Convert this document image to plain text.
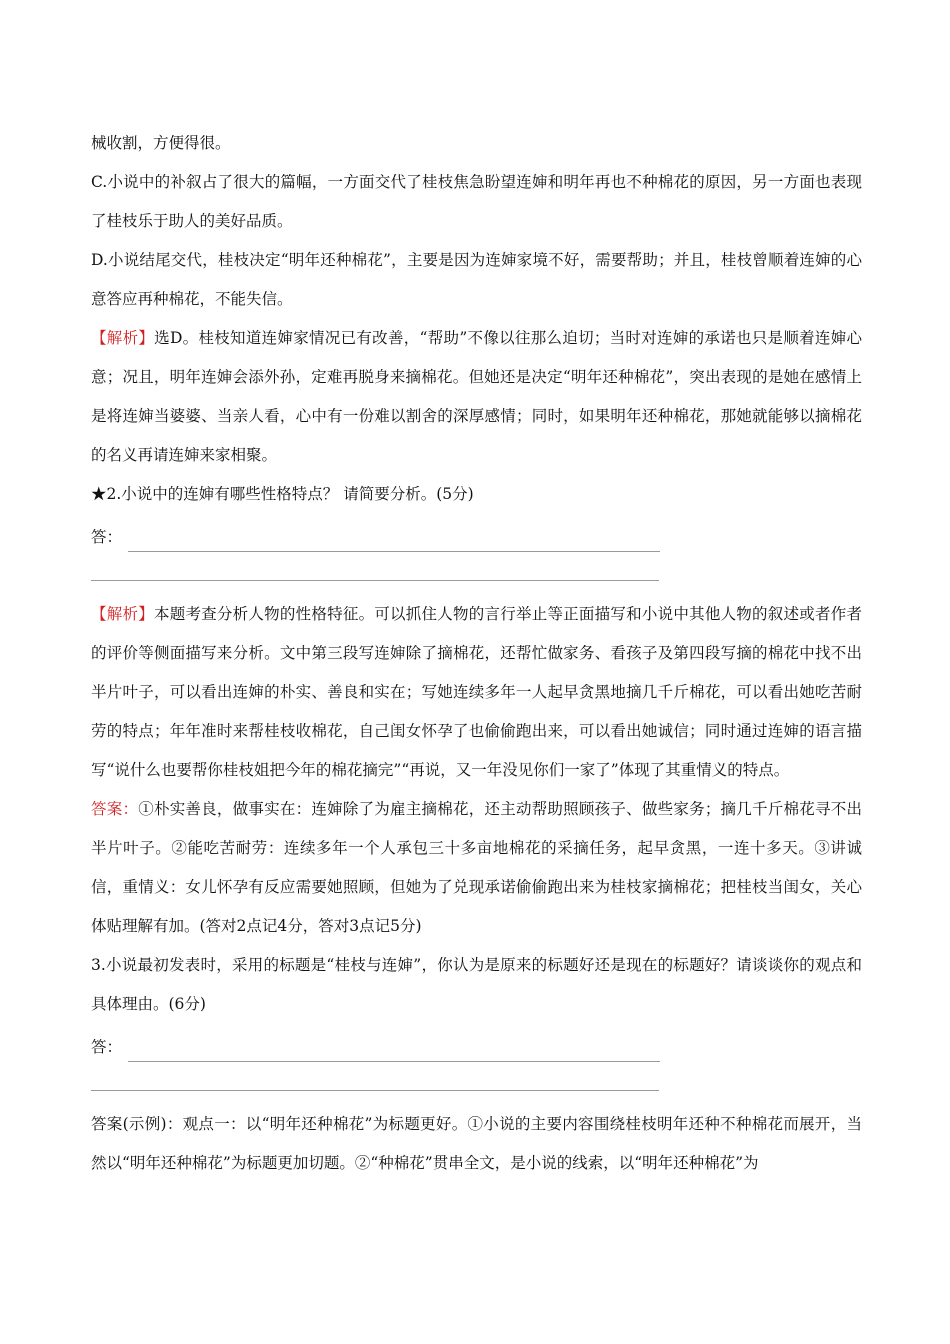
械收割，方便得很。

C.小说中的补叙占了很大的篇幅，一方面交代了桂枝焦急盼望连婶和明年再也不种棉花的原因，另一方面也表现了桂枝乐于助人的美好品质。

D.小说结尾交代，桂枝决定“明年还种棉花”，主要是因为连婶家境不好，需要帮助；并且，桂枝曾顺着连婶的心意答应再种棉花，不能失信。

【解析】选D。桂枝知道连婶家情况已有改善，“帮助”不像以往那么迫切；当时对连婶的承诺也只是顺着连婶心意；况且，明年连婶会添外孙，定难再脱身来摘棉花。但她还是决定“明年还种棉花”，突出表现的是她在感情上是将连婶当婆婆、当亲人看，心中有一份难以割舍的深厚感情；同时，如果明年还种棉花，那她就能够以摘棉花的名义再请连婶来家相聚。

★2.小说中的连婶有哪些性格特点？ 请简要分析。(5分)

答：

【解析】本题考查分析人物的性格特征。可以抓住人物的言行举止等正面描写和小说中其他人物的叙述或者作者的评价等侧面描写来分析。文中第三段写连婶除了摘棉花，还帮忙做家务、看孩子及第四段写摘的棉花中找不出半片叶子，可以看出连婶的朴实、善良和实在；写她连续多年一人起早贪黑地摘几千斤棉花，可以看出她吃苦耐劳的特点；年年准时来帮桂枝收棉花，自己闺女怀孕了也偷偷跑出来，可以看出她诚信；同时通过连婶的语言描写“说什么也要帮你桂枝姐把今年的棉花摘完”“再说，又一年没见你们一家了”体现了其重情义的特点。

答案：①朴实善良，做事实在：连婶除了为雇主摘棉花，还主动帮助照顾孩子、做些家务；摘几千斤棉花寻不出半片叶子。②能吃苦耐劳：连续多年一个人承包三十多亩地棉花的采摘任务，起早贪黑，一连十多天。③讲诚信，重情义：女儿怀孕有反应需要她照顾，但她为了兑现承诺偷偷跑出来为桂枝家摘棉花；把桂枝当闺女，关心体贴理解有加。(答对2点记4分，答对3点记5分)

3.小说最初发表时，采用的标题是“桂枝与连婶”，你认为是原来的标题好还是现在的标题好？请谈谈你的观点和具体理由。(6分)

答：

答案(示例)：观点一：以“明年还种棉花”为标题更好。①小说的主要内容围绕桂枝明年还种不种棉花而展开，当然以“明年还种棉花”为标题更加切题。②“种棉花”贯串全文，是小说的线索，以“明年还种棉花”为
